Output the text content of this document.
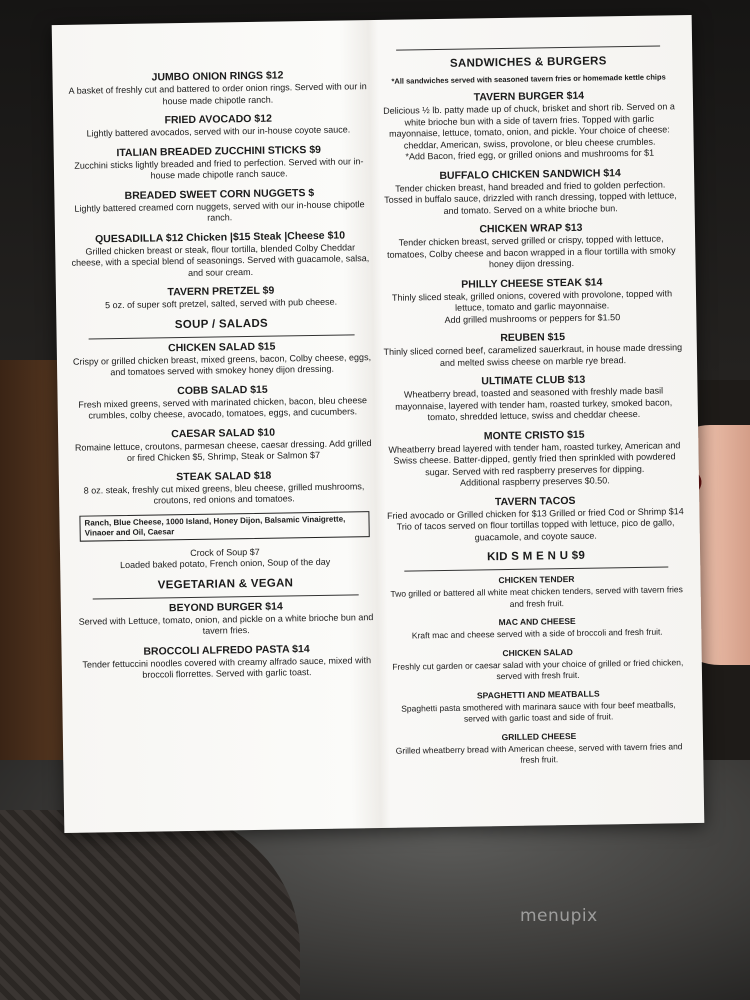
JUMBO ONION RINGS $12
A basket of freshly cut and battered to order onion rings. Served with our in house made chipotle ranch.
FRIED AVOCADO $12
Lightly battered avocados, served with our in-house coyote sauce.
ITALIAN BREADED ZUCCHINI STICKS $9
Zucchini sticks lightly breaded and fried to perfection. Served with our in-house made chipotle ranch sauce.
BREADED SWEET CORN NUGGETS $
Lightly battered creamed corn nuggets, served with our in-house chipotle ranch.
QUESADILLA $12 Chicken |$15 Steak |Cheese $10
Grilled chicken breast or steak, flour tortilla, blended Colby Cheddar cheese, with a special blend of seasonings. Served with guacamole, salsa, and sour cream.
TAVERN PRETZEL $9
5 oz. of super soft pretzel, salted, served with pub cheese.
SOUP / SALADS
CHICKEN SALAD $15
Crispy or grilled chicken breast, mixed greens, bacon, Colby cheese, eggs, and tomatoes served with smokey honey dijon dressing.
COBB SALAD $15
Fresh mixed greens, served with marinated chicken, bacon, bleu cheese crumbles, colby cheese, avocado, tomatoes, eggs, and cucumbers.
CAESAR SALAD $10
Romaine lettuce, croutons, parmesan cheese, caesar dressing. Add grilled or fired Chicken $5, Shrimp, Steak or Salmon $7
STEAK SALAD $18
8 oz. steak, freshly cut mixed greens, bleu cheese, grilled mushrooms, croutons, red onions and tomatoes.
Ranch, Blue Cheese, 1000 Island, Honey Dijon, Balsamic Vinaigrette, Vinaoer and Oil, Caesar
Crock of Soup $7
Loaded baked potato, French onion, Soup of the day
VEGETARIAN & VEGAN
BEYOND BURGER $14
Served with Lettuce, tomato, onion, and pickle on a white brioche bun and tavern fries.
BROCCOLI ALFREDO PASTA $14
Tender fettuccini noodles covered with creamy alfrado sauce, mixed with broccoli florrettes. Served with garlic toast.
SANDWICHES & BURGERS
*All sandwiches served with seasoned tavern fries or homemade kettle chips
TAVERN BURGER $14
Delicious ½ lb. patty made up of chuck, brisket and short rib. Served on a white brioche bun with a side of tavern fries. Topped with garlic mayonnaise, lettuce, tomato, onion, and pickle. Your choice of cheese: cheddar, American, swiss, provolone, or bleu cheese crumbles.
*Add Bacon, fried egg, or grilled onions and mushrooms for $1
BUFFALO CHICKEN SANDWICH $14
Tender chicken breast, hand breaded and fried to golden perfection. Tossed in buffalo sauce, drizzled with ranch dressing, topped with lettuce, and tomato. Served on a white brioche bun.
CHICKEN WRAP $13
Tender chicken breast, served grilled or crispy, topped with lettuce, tomatoes, Colby cheese and bacon wrapped in a flour tortilla with smoky honey dijon dressing.
PHILLY CHEESE STEAK $14
Thinly sliced steak, grilled onions, covered with provolone, topped with lettuce, tomato and garlic mayonnaise.
Add grilled mushrooms or peppers for $1.50
REUBEN $15
Thinly sliced corned beef, caramelized sauerkraut, in house made dressing and melted swiss cheese on marble rye bread.
ULTIMATE CLUB $13
Wheatberry bread, toasted and seasoned with freshly made basil mayonnaise, layered with tender ham, roasted turkey, smoked bacon, tomato, shredded lettuce, swiss and cheddar cheese.
MONTE CRISTO $15
Wheatberry bread layered with tender ham, roasted turkey, American and Swiss cheese. Batter-dipped, gently fried then sprinkled with powdered sugar. Served with red raspberry preserves for dipping.
Additional raspberry preserves $0.50.
TAVERN TACOS
Fried avocado or Grilled chicken for $13 Grilled or fried Cod or Shrimp $14 Trio of tacos served on flour tortillas topped with lettuce, pico de gallo, guacamole, and coyote sauce.
KID S M E N U $9
CHICKEN TENDER
Two grilled or battered all white meat chicken tenders, served with tavern fries and fresh fruit.
MAC AND CHEESE
Kraft mac and cheese served with a side of broccoli and fresh fruit.
CHICKEN SALAD
Freshly cut garden or caesar salad with your choice of grilled or fried chicken, served with fresh fruit.
SPAGHETTI AND MEATBALLS
Spaghetti pasta smothered with marinara sauce with four beef meatballs, served with garlic toast and side of fruit.
GRILLED CHEESE
Grilled wheatberry bread with American cheese, served with tavern fries and fresh fruit.
menupix
